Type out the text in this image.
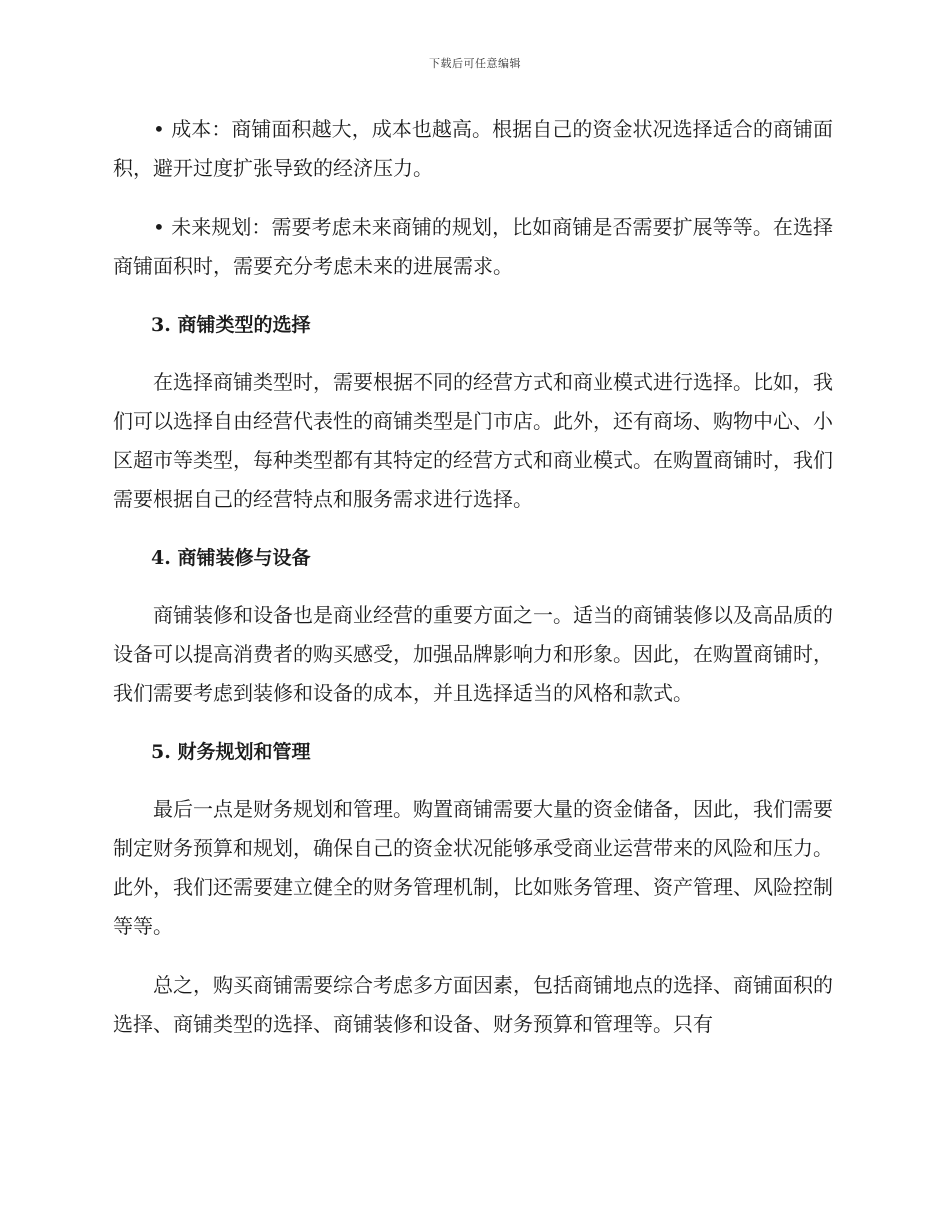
下载后可任意编辑

• 成本：商铺面积越大，成本也越高。根据自己的资金状况选择适合的商铺面积，避开过度扩张导致的经济压力。

• 未来规划：需要考虑未来商铺的规划，比如商铺是否需要扩展等等。在选择商铺面积时，需要充分考虑未来的进展需求。

3. 商铺类型的选择

在选择商铺类型时，需要根据不同的经营方式和商业模式进行选择。比如，我们可以选择自由经营代表性的商铺类型是门市店。此外，还有商场、购物中心、小区超市等类型，每种类型都有其特定的经营方式和商业模式。在购置商铺时，我们需要根据自己的经营特点和服务需求进行选择。

4. 商铺装修与设备

商铺装修和设备也是商业经营的重要方面之一。适当的商铺装修以及高品质的设备可以提高消费者的购买感受，加强品牌影响力和形象。因此，在购置商铺时，我们需要考虑到装修和设备的成本，并且选择适当的风格和款式。

5. 财务规划和管理

最后一点是财务规划和管理。购置商铺需要大量的资金储备，因此，我们需要制定财务预算和规划，确保自己的资金状况能够承受商业运营带来的风险和压力。此外，我们还需要建立健全的财务管理机制，比如账务管理、资产管理、风险控制等等。

总之，购买商铺需要综合考虑多方面因素，包括商铺地点的选择、商铺面积的选择、商铺类型的选择、商铺装修和设备、财务预算和管理等。只有
